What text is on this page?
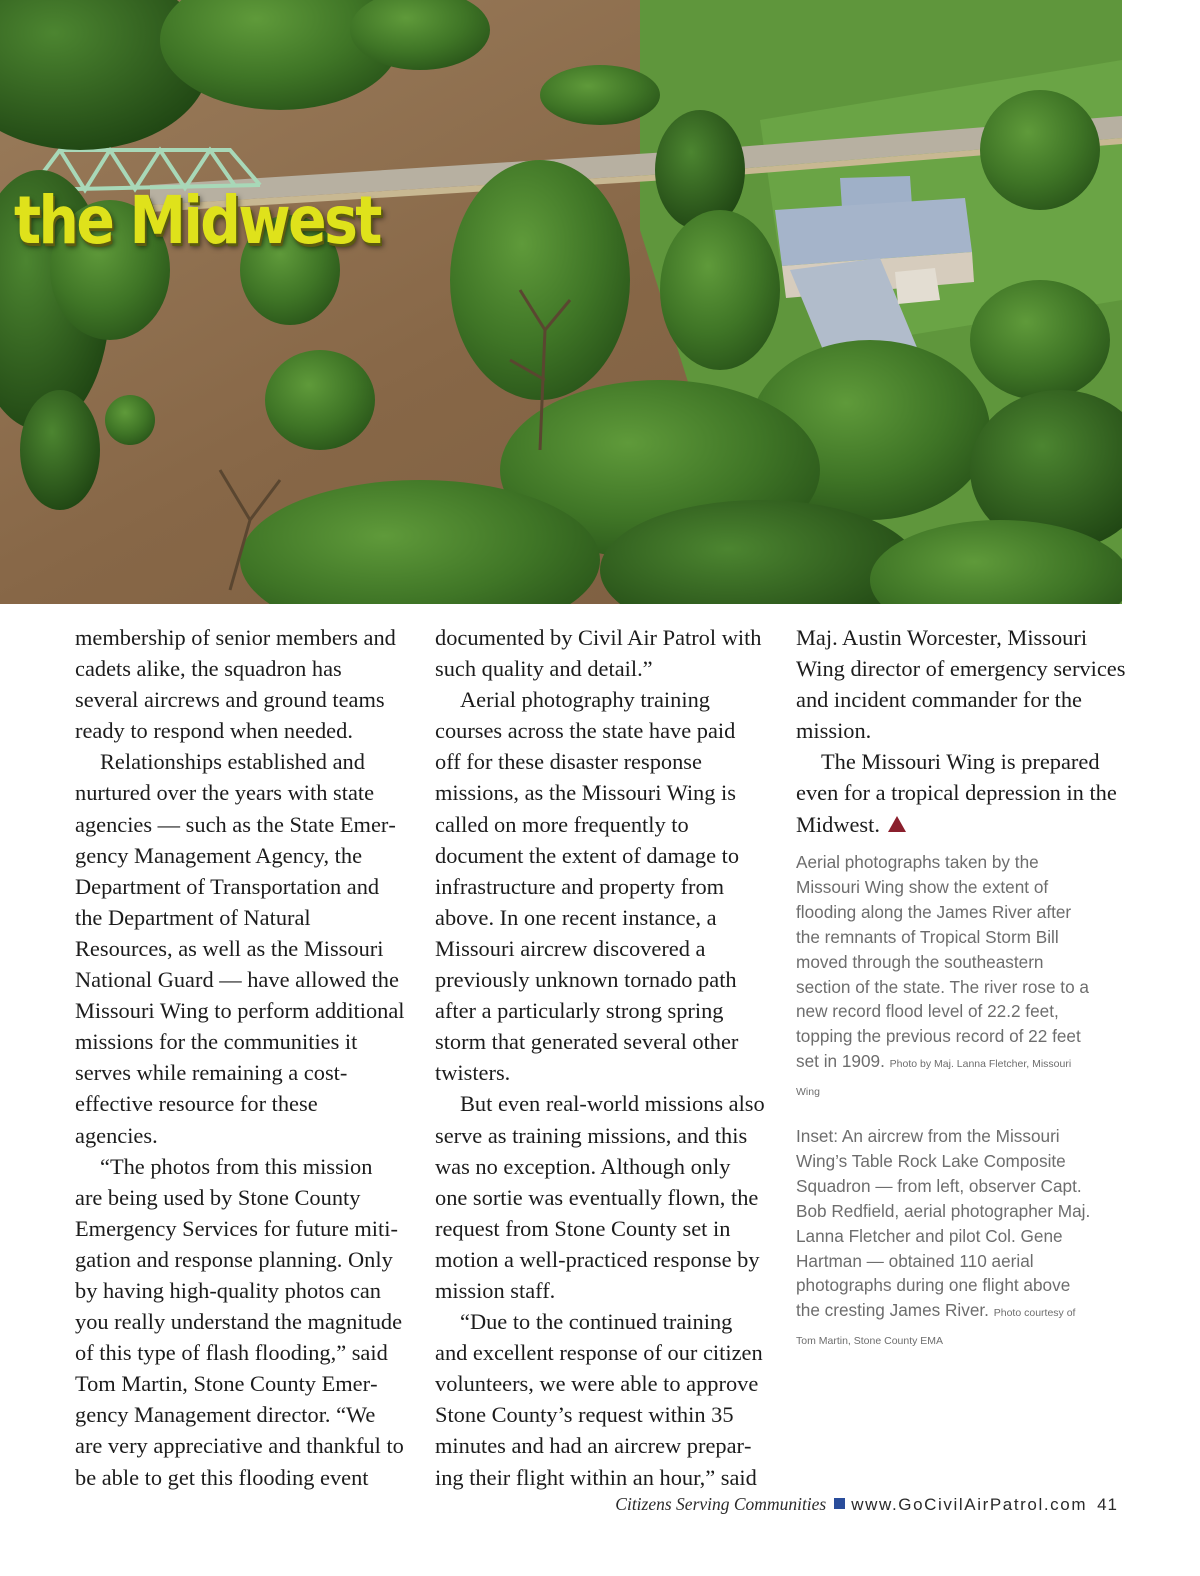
the Midwest

membership of senior members and cadets alike, the squadron has several aircrews and ground teams ready to respond when needed.

Relationships established and nurtured over the years with state agencies — such as the State Emergency Management Agency, the Department of Transportation and the Department of Natural Resources, as well as the Missouri National Guard — have allowed the Missouri Wing to perform additional missions for the communities it serves while remaining a cost-effective resource for these agencies.

“The photos from this mission are being used by Stone County Emergency Services for future mitigation and response planning. Only by having high-quality photos can you really understand the magnitude of this type of flash flooding,” said Tom Martin, Stone County Emergency Management director. “We are very appreciative and thankful to be able to get this flooding event

documented by Civil Air Patrol with such quality and detail.”

Aerial photography training courses across the state have paid off for these disaster response missions, as the Missouri Wing is called on more frequently to document the extent of damage to infrastructure and property from above. In one recent instance, a Missouri aircrew discovered a previously unknown tornado path after a particularly strong spring storm that generated several other twisters.

But even real-world missions also serve as training missions, and this was no exception. Although only one sortie was eventually flown, the request from Stone County set in motion a well-practiced response by mission staff.

“Due to the continued training and excellent response of our citizen volunteers, we were able to approve Stone County’s request within 35 minutes and had an aircrew preparing their flight within an hour,” said

Maj. Austin Worcester, Missouri Wing director of emergency services and incident commander for the mission.

The Missouri Wing is prepared even for a tropical depression in the Midwest.

Aerial photographs taken by the Missouri Wing show the extent of flooding along the James River after the remnants of Tropical Storm Bill moved through the southeastern section of the state. The river rose to a new record flood level of 22.2 feet, topping the previous record of 22 feet set in 1909. Photo by Maj. Lanna Fletcher, Missouri Wing

Inset: An aircrew from the Missouri Wing’s Table Rock Lake Composite Squadron — from left, observer Capt. Bob Redfield, aerial photographer Maj. Lanna Fletcher and pilot Col. Gene Hartman — obtained 110 aerial photographs during one flight above the cresting James River. Photo courtesy of Tom Martin, Stone County EMA

Citizens Serving Communities www.GoCivilAirPatrol.com 41
